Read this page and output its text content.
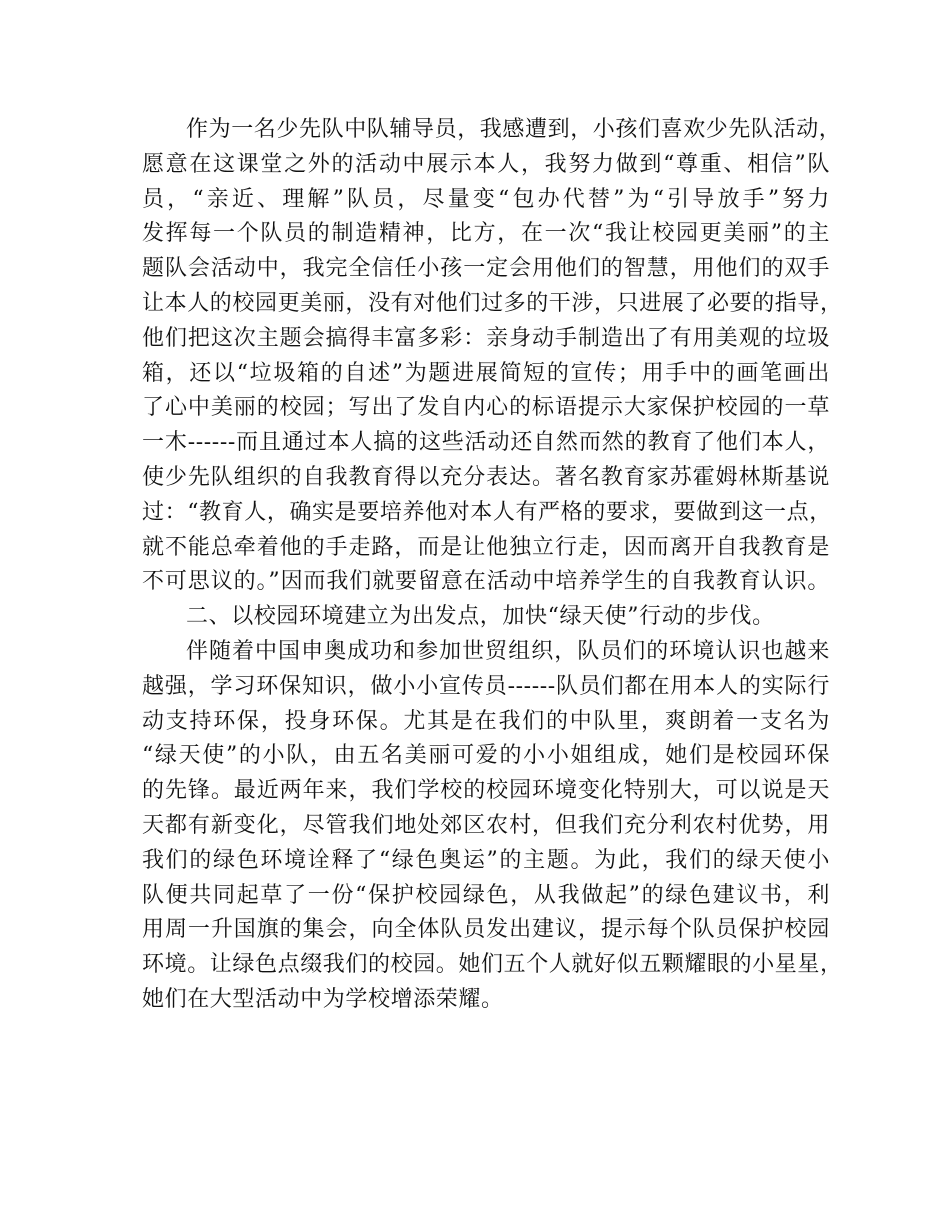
作为一名少先队中队辅导员，我感遭到，小孩们喜欢少先队活动，
愿意在这课堂之外的活动中展示本人，我努力做到“尊重、相信”队
员，“亲近、理解”队员，尽量变“包办代替”为“引导放手”努力
发挥每一个队员的制造精神，比方，在一次“我让校园更美丽”的主
题队会活动中，我完全信任小孩一定会用他们的智慧，用他们的双手
让本人的校园更美丽，没有对他们过多的干涉，只进展了必要的指导，
他们把这次主题会搞得丰富多彩：亲身动手制造出了有用美观的垃圾
箱，还以“垃圾箱的自述”为题进展简短的宣传；用手中的画笔画出
了心中美丽的校园；写出了发自内心的标语提示大家保护校园的一草
一木------而且通过本人搞的这些活动还自然而然的教育了他们本人，
使少先队组织的自我教育得以充分表达。著名教育家苏霍姆林斯基说
过：“教育人，确实是要培养他对本人有严格的要求，要做到这一点，
就不能总牵着他的手走路，而是让他独立行走，因而离开自我教育是
不可思议的。”因而我们就要留意在活动中培养学生的自我教育认识。
二、以校园环境建立为出发点，加快“绿天使”行动的步伐。
伴随着中国申奥成功和参加世贸组织，队员们的环境认识也越来
越强，学习环保知识，做小小宣传员------队员们都在用本人的实际行
动支持环保，投身环保。尤其是在我们的中队里，爽朗着一支名为
“绿天使”的小队，由五名美丽可爱的小小姐组成，她们是校园环保
的先锋。最近两年来，我们学校的校园环境变化特别大，可以说是天
天都有新变化，尽管我们地处郊区农村，但我们充分利农村优势，用
我们的绿色环境诠释了“绿色奥运”的主题。为此，我们的绿天使小
队便共同起草了一份“保护校园绿色，从我做起”的绿色建议书，利
用周一升国旗的集会，向全体队员发出建议，提示每个队员保护校园
环境。让绿色点缀我们的校园。她们五个人就好似五颗耀眼的小星星，
她们在大型活动中为学校增添荣耀。
